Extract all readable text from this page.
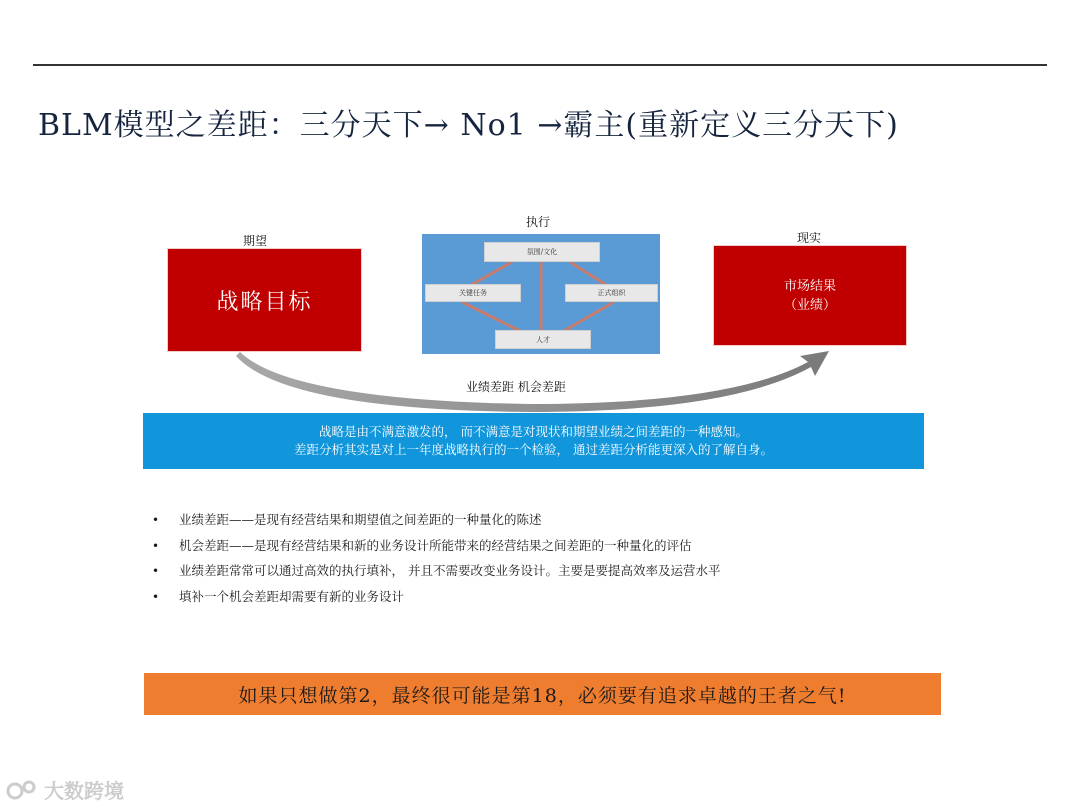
BLM模型之差距：三分天下→ No1 →霸主(重新定义三分天下)
期望
战略目标
执行
氛围/文化
关键任务	正式组织
人才
现实
市场结果
（业绩）
业绩差距 机会差距
战略是由不满意激发的， 而不满意是对现状和期望业绩之间差距的一种感知。
差距分析其实是对上一年度战略执行的一个检验， 通过差距分析能更深入的了解自身。
• 业绩差距——是现有经营结果和期望值之间差距的一种量化的陈述
• 机会差距——是现有经营结果和新的业务设计所能带来的经营结果之间差距的一种量化的评估
• 业绩差距常常可以通过高效的执行填补， 并且不需要改变业务设计。主要是要提高效率及运营水平
• 填补一个机会差距却需要有新的业务设计
如果只想做第2，最终很可能是第18，必须要有追求卓越的王者之气!
大数跨境
